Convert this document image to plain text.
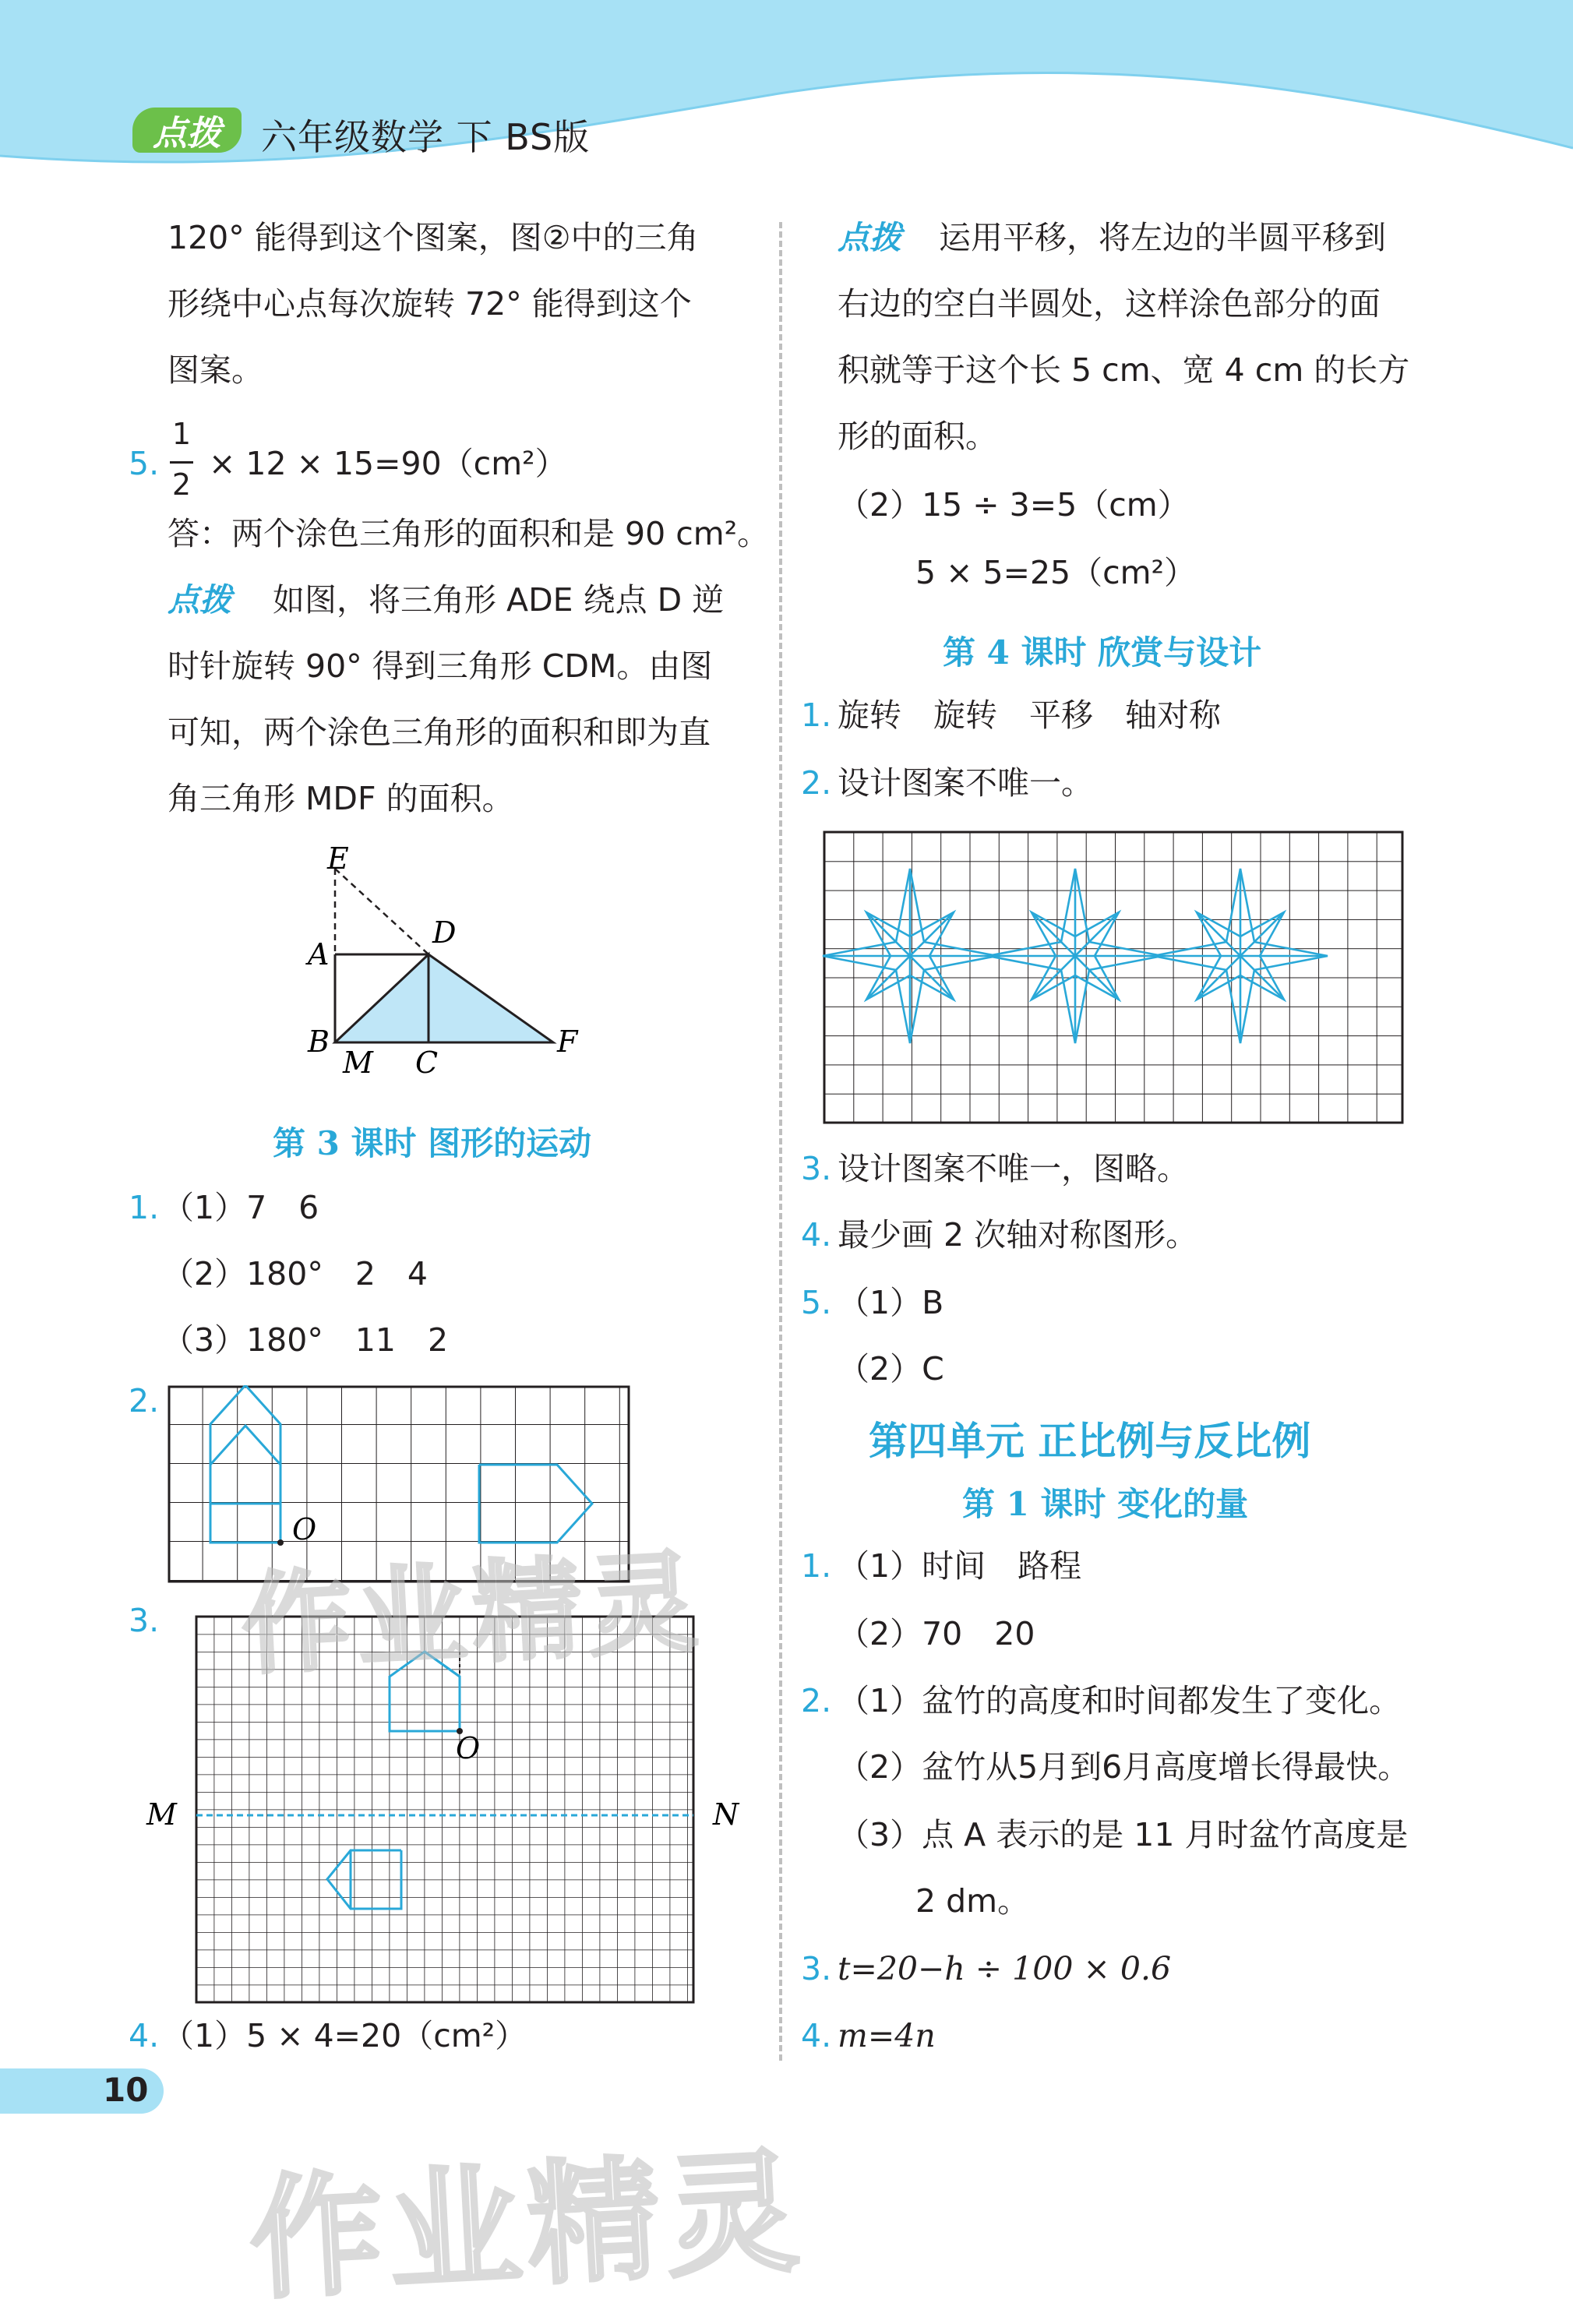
点拨	六年级数学 下 BS版
120° 能得到这个图案，图②中的三角
形绕中心点每次旋转 72° 能得到这个
图案。
5.
1
2
× 12 × 15=90（cm²）
答：两个涂色三角形的面积和是 90 cm²。
点拨 如图，将三角形 ADE 绕点 D 逆
时针旋转 90° 得到三角形 CDM。由图
可知，两个涂色三角形的面积和即为直
角三角形 MDF 的面积。
E
A
D
B
M C
F
第 3 课时 图形的运动
1. （1）7　6
（2）180°　2　4
（3）180°　11　2
2.
O
3.
O
M	N
4. （1）5 × 4=20（cm²）
点拨 运用平移，将左边的半圆平移到
右边的空白半圆处，这样涂色部分的面
积就等于这个长 5 cm、宽 4 cm 的长方
形的面积。
（2）15 ÷ 3=5（cm）
5 × 5=25（cm²）
第 4 课时 欣赏与设计
1. 旋转　旋转　平移　轴对称
2. 设计图案不唯一。
3. 设计图案不唯一，图略。
4. 最少画 2 次轴对称图形。
5. （1）B
（2）C
第四单元 正比例与反比例
第 1 课时 变化的量
1. （1）时间　路程
（2）70　20
2. （1）盆竹的高度和时间都发生了变化。
（2）盆竹从5月到6月高度增长得最快。
（3）点 A 表示的是 11 月时盆竹高度是
2 dm。
3. t=20−h ÷ 100 × 0.6
4. m=4n
10
作业精灵
作业精灵
